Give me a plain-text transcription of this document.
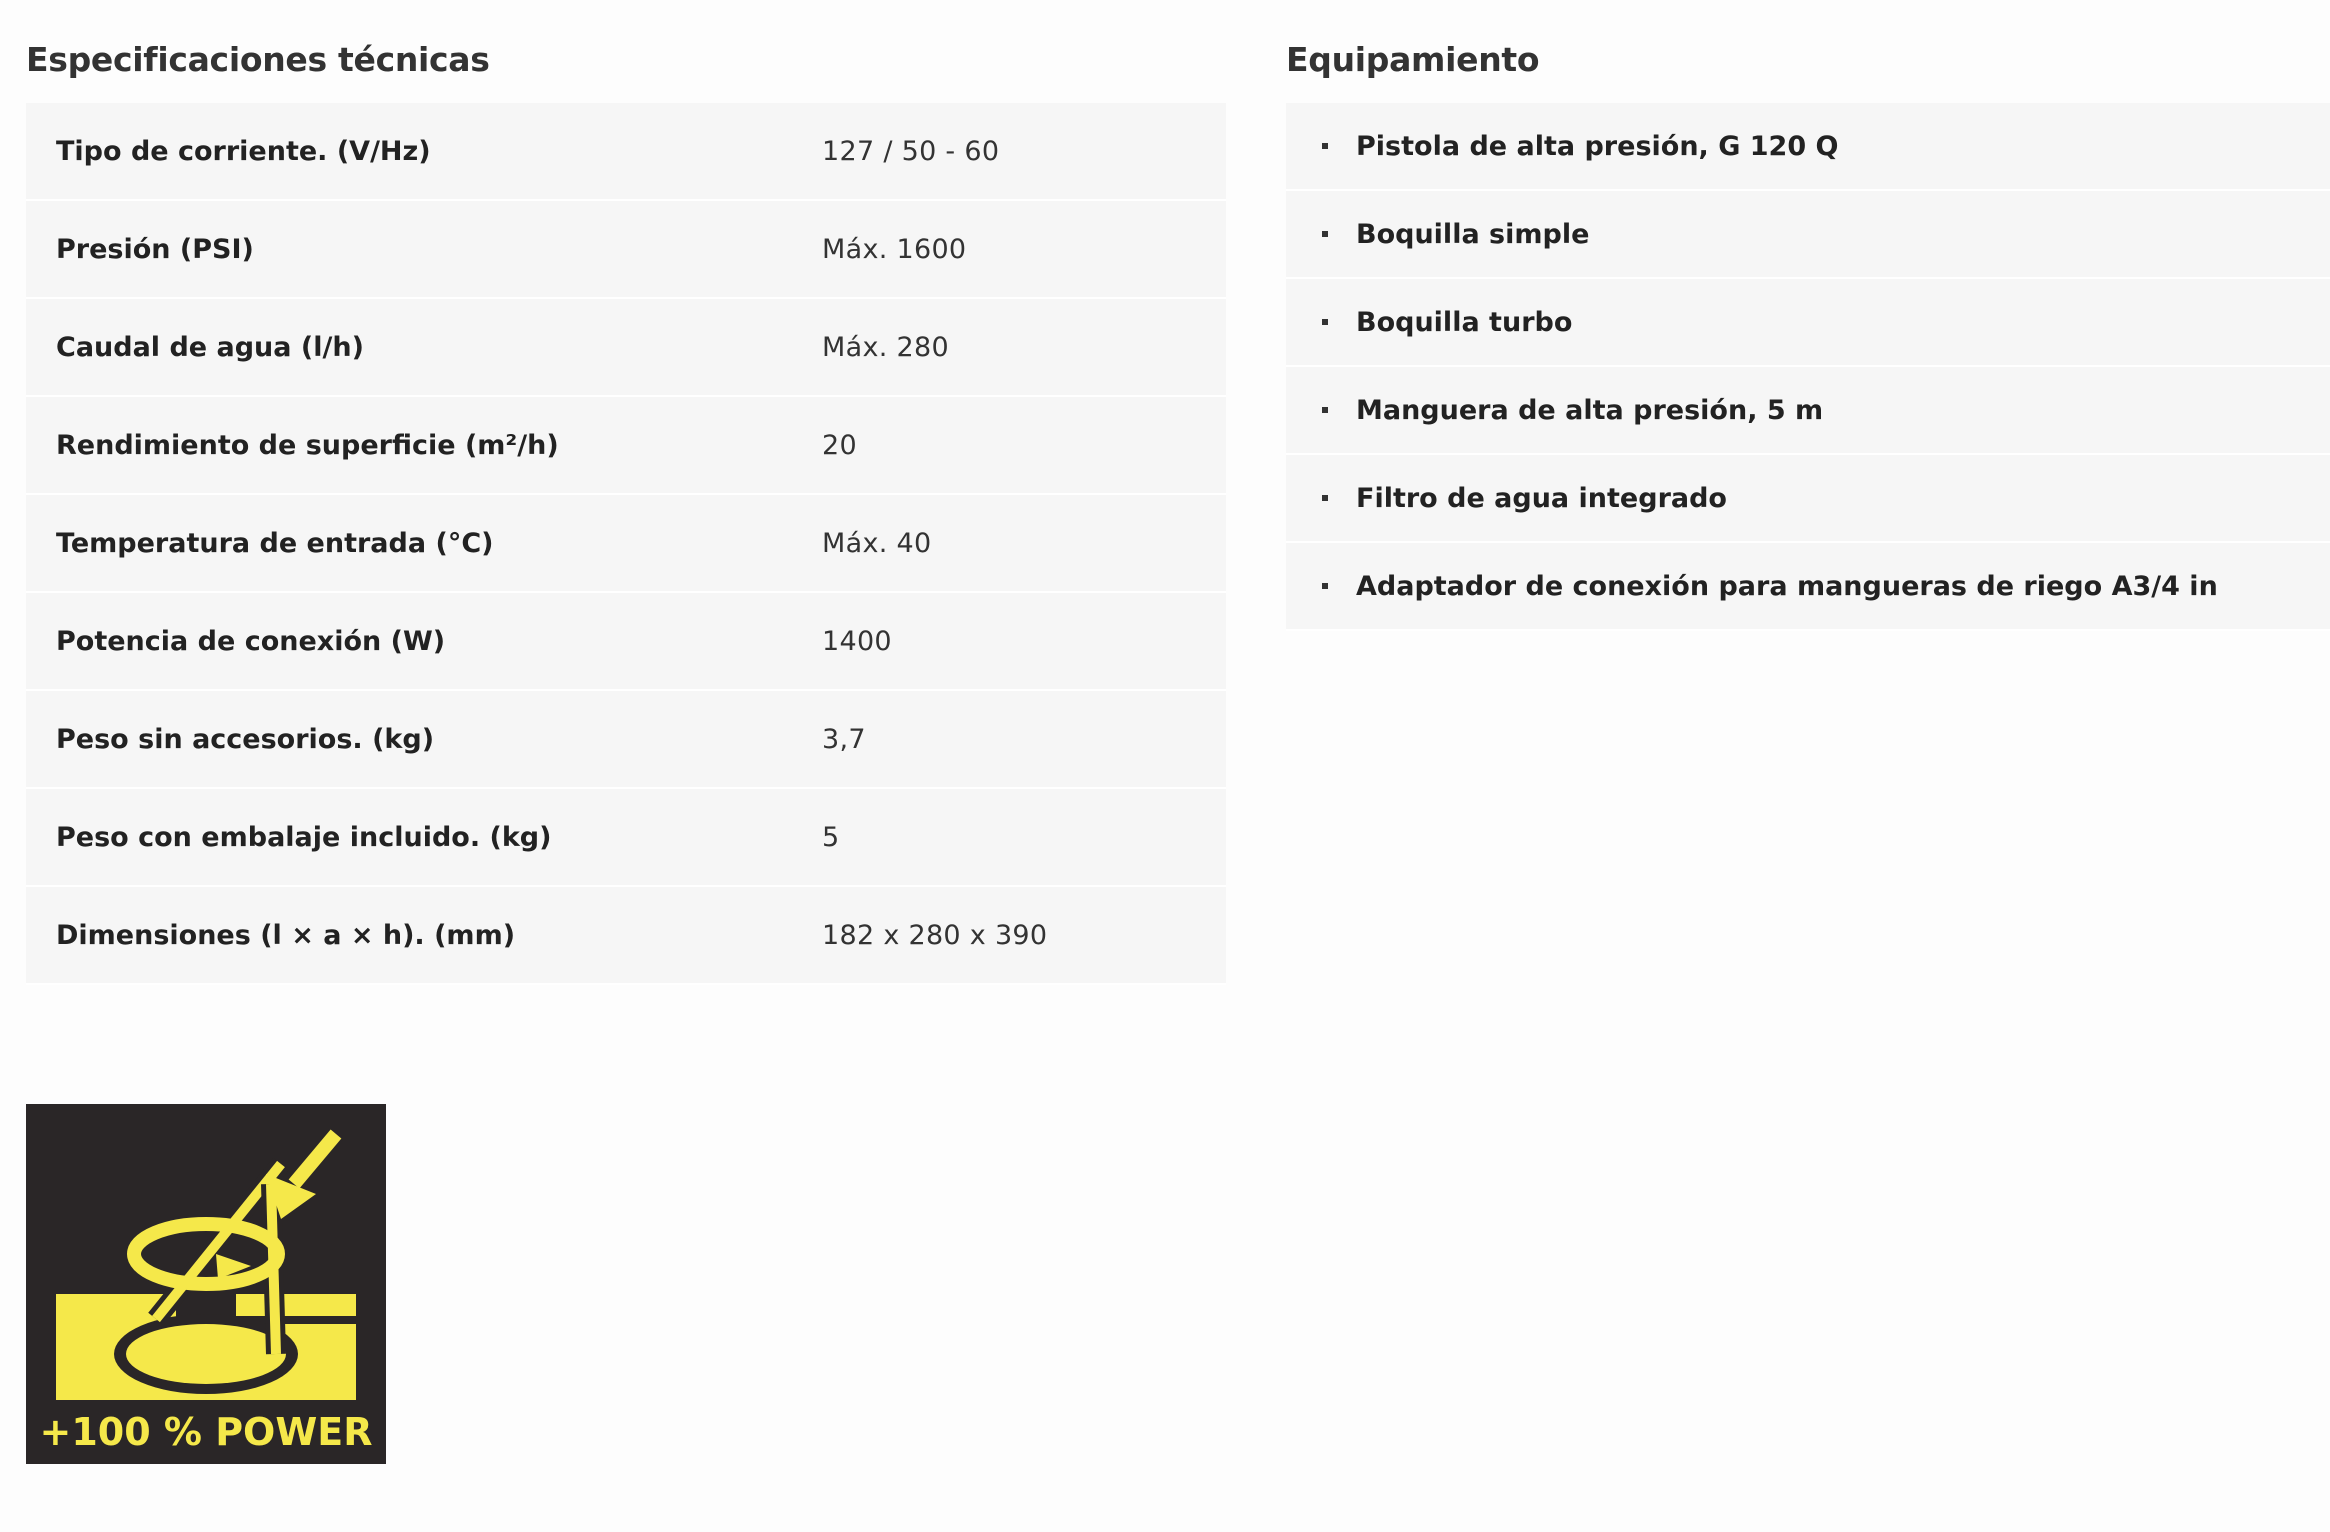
Especificaciones técnicas
Tipo de corriente. (V/Hz)	127 / 50 - 60
Presión (PSI)	Máx. 1600
Caudal de agua (l/h)	Máx. 280
Rendimiento de superficie (m²/h)	20
Temperatura de entrada (°C)	Máx. 40
Potencia de conexión (W)	1400
Peso sin accesorios. (kg)	3,7
Peso con embalaje incluido. (kg)	5
Dimensiones (l × a × h). (mm)	182 x 280 x 390
Equipamiento
Pistola de alta presión, G 120 Q
Boquilla simple
Boquilla turbo
Manguera de alta presión, 5 m
Filtro de agua integrado
Adaptador de conexión para mangueras de riego A3/4 in
+100 % POWER
